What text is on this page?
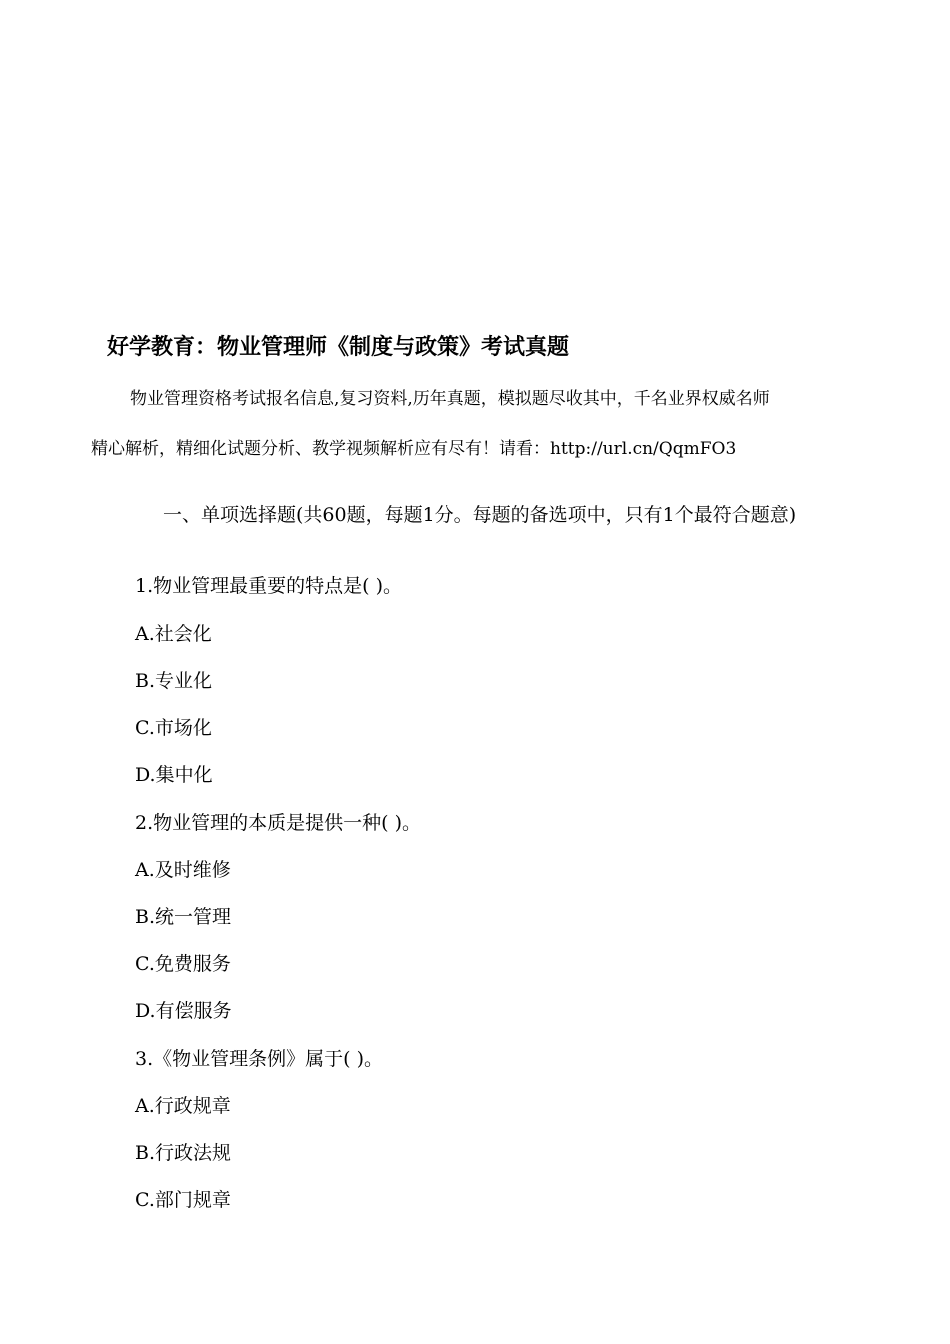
好学教育：物业管理师《制度与政策》考试真题
物业管理资格考试报名信息,复习资料,历年真题，模拟题尽收其中，千名业界权威名师
精心解析，精细化试题分析、教学视频解析应有尽有！请看：http://url.cn/QqmFO3
一、单项选择题(共60题，每题1分。每题的备选项中，只有1个最符合题意)
1.物业管理最重要的特点是( )。
A.社会化
B.专业化
C.市场化
D.集中化
2.物业管理的本质是提供一种( )。
A.及时维修
B.统一管理
C.免费服务
D.有偿服务
3.《物业管理条例》属于( )。
A.行政规章
B.行政法规
C.部门规章
